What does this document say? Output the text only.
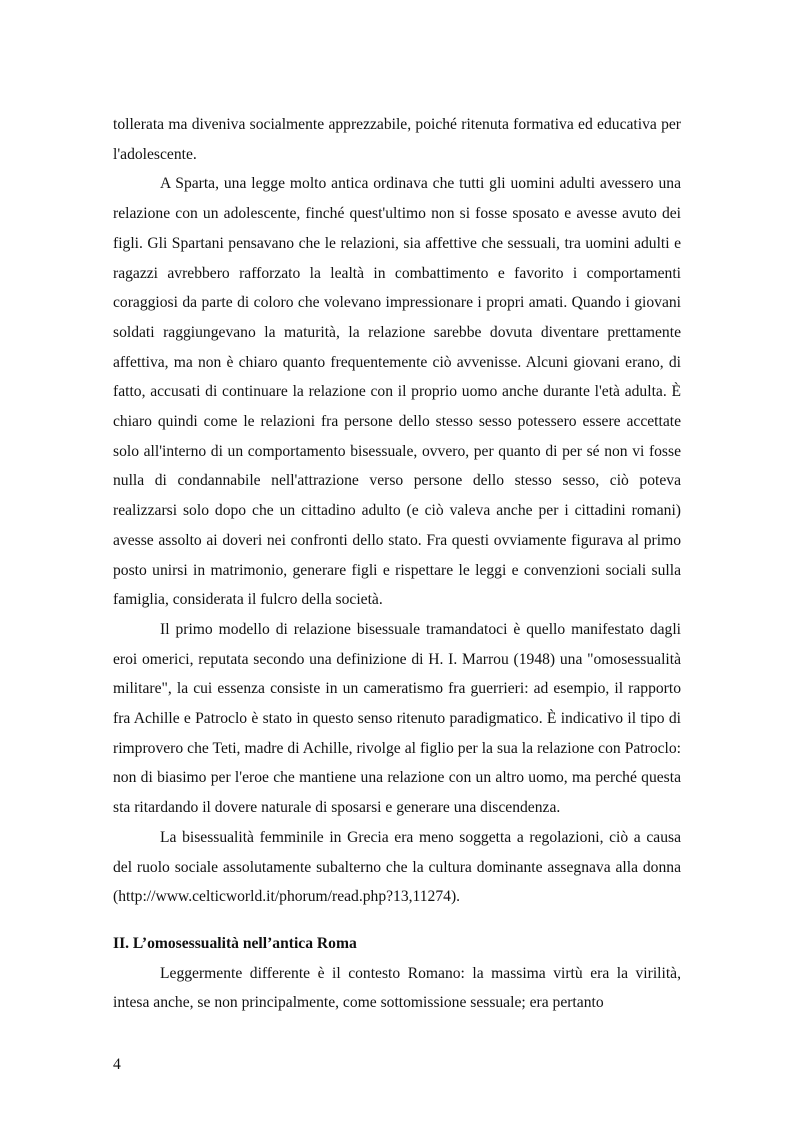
tollerata ma diveniva socialmente apprezzabile, poiché ritenuta formativa ed educativa per l'adolescente.

A Sparta, una legge molto antica ordinava che tutti gli uomini adulti avessero una relazione con un adolescente, finché quest'ultimo non si fosse sposato e avesse avuto dei figli. Gli Spartani pensavano che le relazioni, sia affettive che sessuali, tra uomini adulti e ragazzi avrebbero rafforzato la lealtà in combattimento e favorito i comportamenti coraggiosi da parte di coloro che volevano impressionare i propri amati. Quando i giovani soldati raggiungevano la maturità, la relazione sarebbe dovuta diventare prettamente affettiva, ma non è chiaro quanto frequentemente ciò avvenisse. Alcuni giovani erano, di fatto, accusati di continuare la relazione con il proprio uomo anche durante l'età adulta. È chiaro quindi come le relazioni fra persone dello stesso sesso potessero essere accettate solo all'interno di un comportamento bisessuale, ovvero, per quanto di per sé non vi fosse nulla di condannabile nell'attrazione verso persone dello stesso sesso, ciò poteva realizzarsi solo dopo che un cittadino adulto (e ciò valeva anche per i cittadini romani) avesse assolto ai doveri nei confronti dello stato. Fra questi ovviamente figurava al primo posto unirsi in matrimonio, generare figli e rispettare le leggi e convenzioni sociali sulla famiglia, considerata il fulcro della società.

Il primo modello di relazione bisessuale tramandatoci è quello manifestato dagli eroi omerici, reputata secondo una definizione di H. I. Marrou (1948) una "omosessualità militare", la cui essenza consiste in un cameratismo fra guerrieri: ad esempio, il rapporto fra Achille e Patroclo è stato in questo senso ritenuto paradigmatico. È indicativo il tipo di rimprovero che Teti, madre di Achille, rivolge al figlio per la sua la relazione con Patroclo: non di biasimo per l'eroe che mantiene una relazione con un altro uomo, ma perché questa sta ritardando il dovere naturale di sposarsi e generare una discendenza.

La bisessualità femminile in Grecia era meno soggetta a regolazioni, ciò a causa del ruolo sociale assolutamente subalterno che la cultura dominante assegnava alla donna (http://www.celticworld.it/phorum/read.php?13,11274).

II. L’omosessualità nell’antica Roma

Leggermente differente è il contesto Romano: la massima virtù era la virilità, intesa anche, se non principalmente, come sottomissione sessuale; era pertanto

4
